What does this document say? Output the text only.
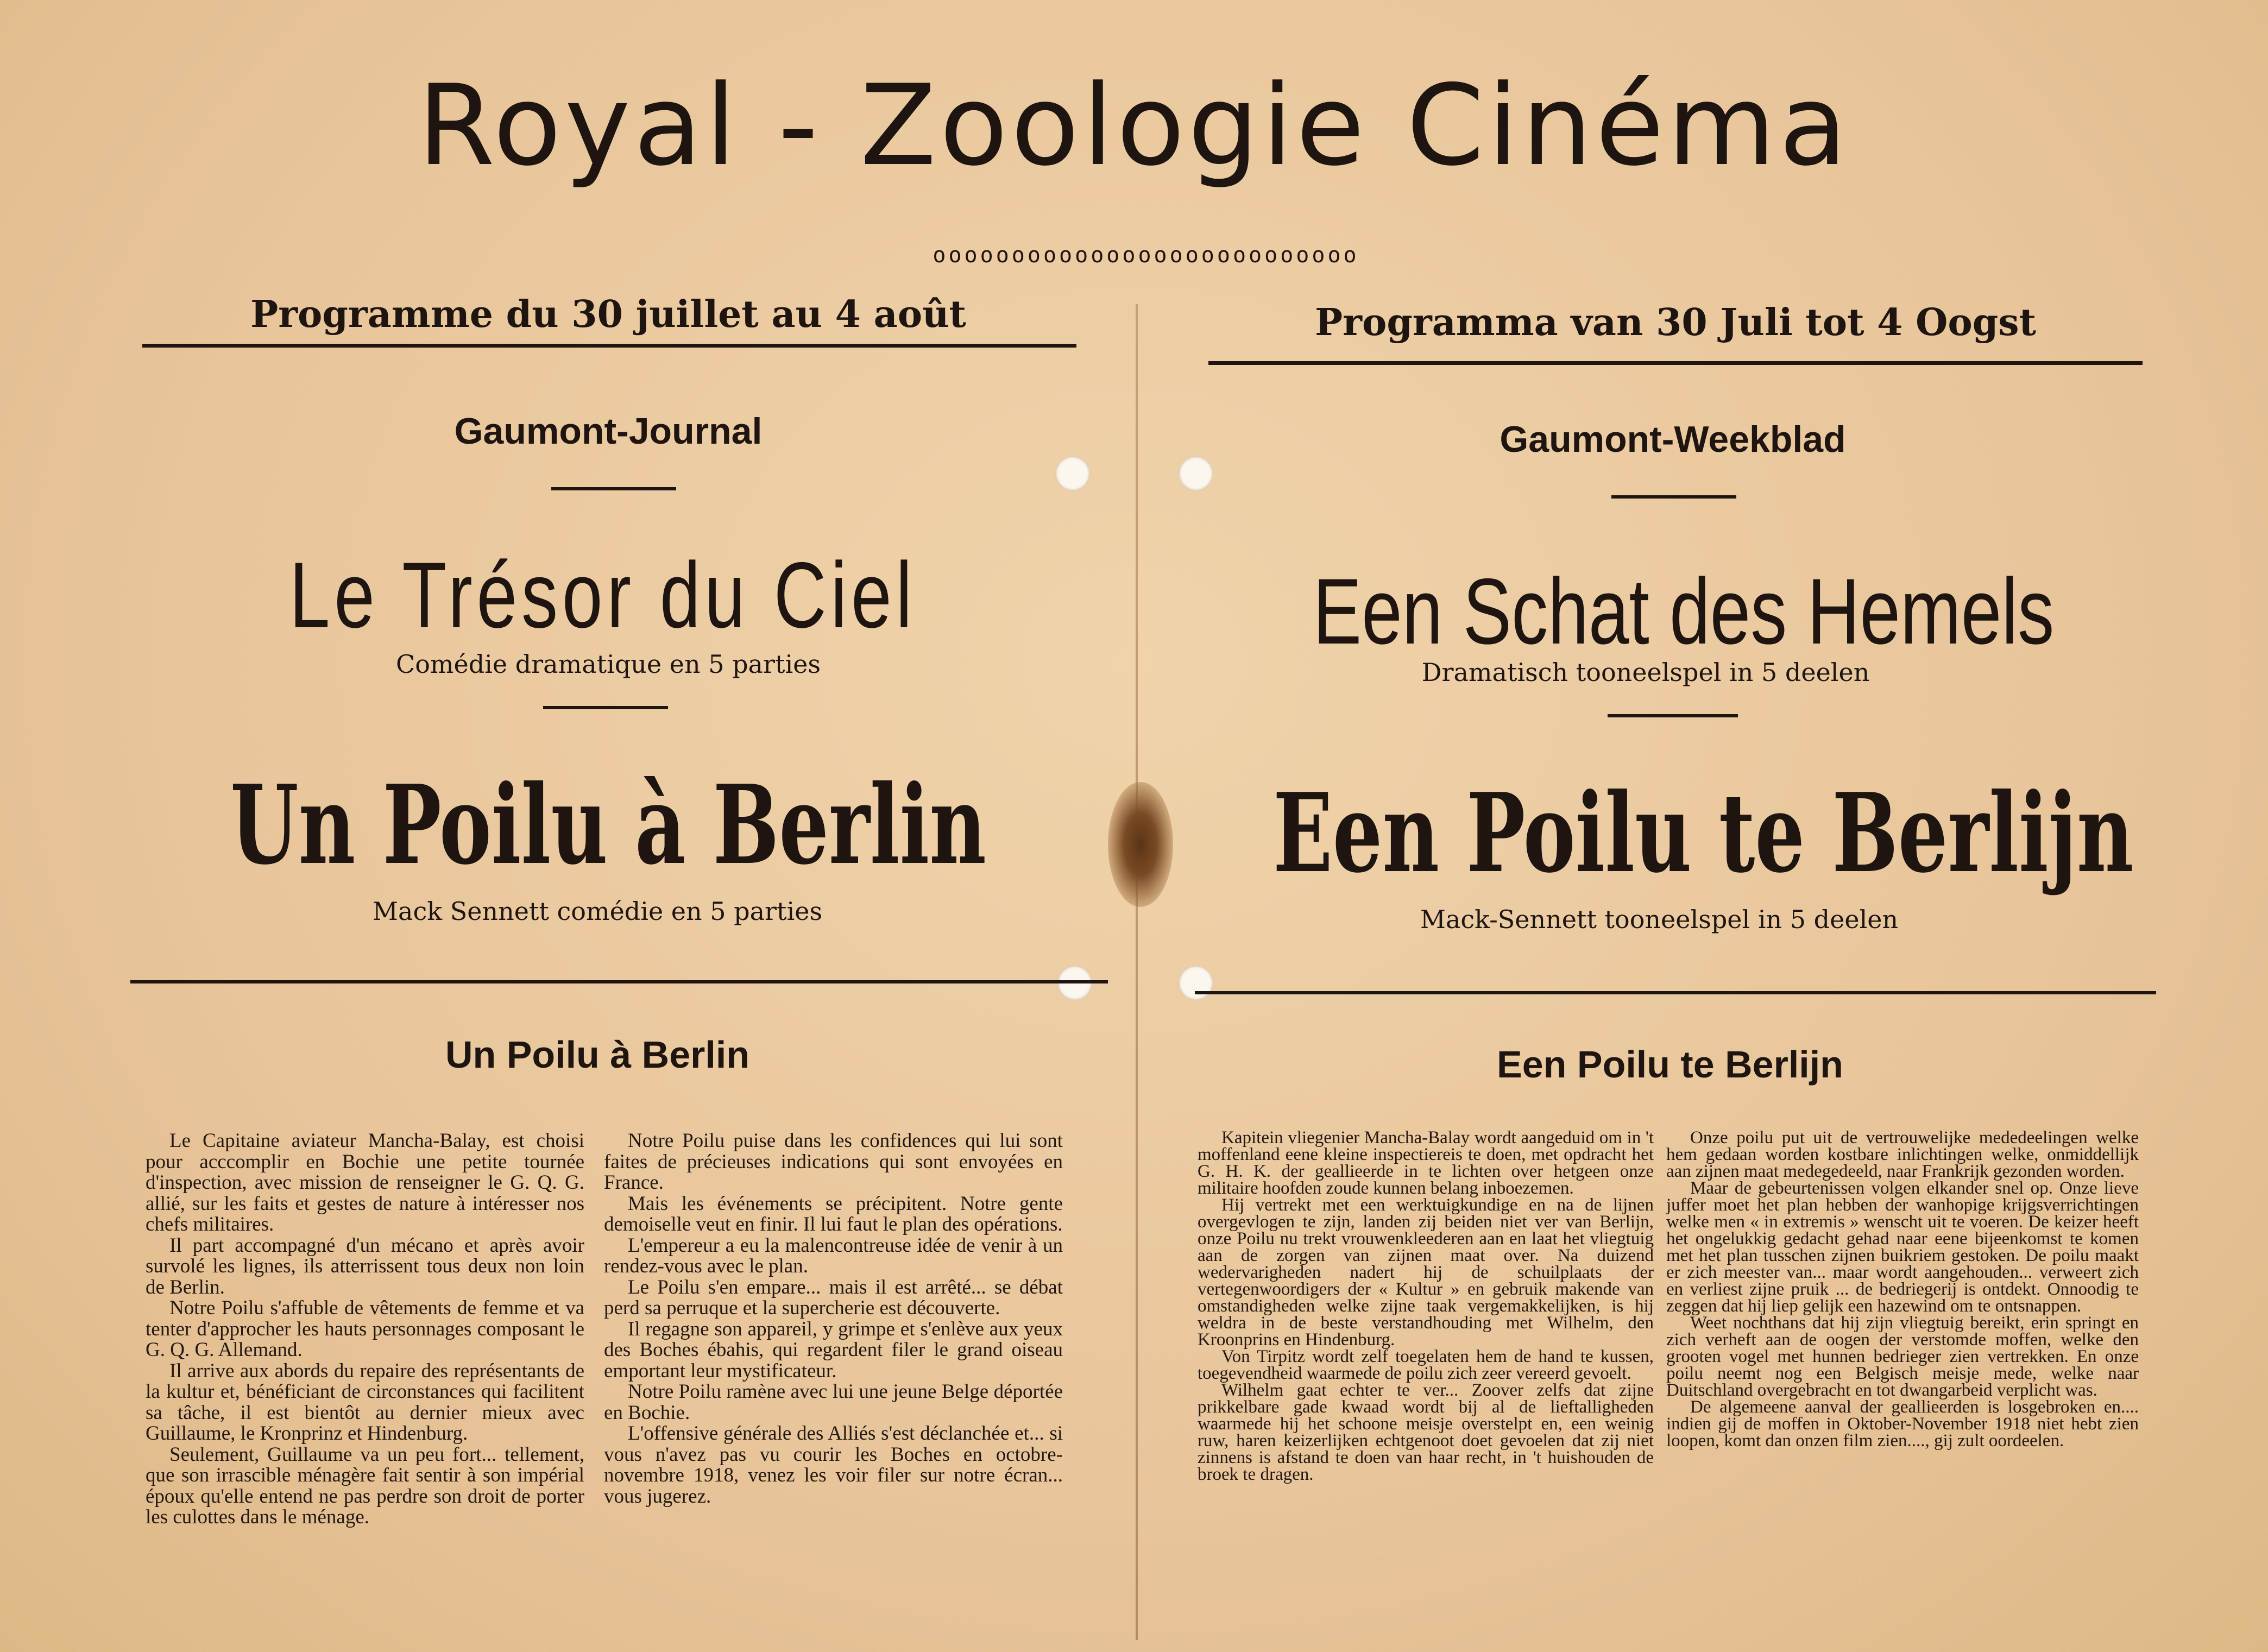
Royal - Zoologie Cinéma
ooooooooooooooooooooooooooo
Programme du 30 juillet au 4 août	Programma van 30 Juli tot 4 Oogst
Gaumont-Journal	Gaumont-Weekblad
Le Trésor du Ciel
Comédie dramatique en 5 parties
Een Schat des Hemels
Dramatisch tooneelspel in 5 deelen
Un Poilu à Berlin
Mack Sennett comédie en 5 parties
Een Poilu te Berlijn
Mack-Sennett tooneelspel in 5 deelen
Un Poilu à Berlin	Een Poilu te Berlijn

Le Capitaine aviateur Mancha-Balay, est choisi pour acccomplir en Bochie une petite tournée d'inspection, avec mission de renseigner le G. Q. G. allié, sur les faits et gestes de nature à intéresser nos chefs militaires.

Il part accompagné d'un mécano et après avoir survolé les lignes, ils atterrissent tous deux non loin de Berlin.

Notre Poilu s'affuble de vêtements de femme et va tenter d'approcher les hauts personnages composant le G. Q. G. Allemand.

Il arrive aux abords du repaire des représentants de la kultur et, bénéficiant de circonstances qui facilitent sa tâche, il est bientôt au dernier mieux avec Guillaume, le Kronprinz et Hindenburg.

Seulement, Guillaume va un peu fort... tellement, que son irrascible ménagère fait sentir à son impérial époux qu'elle entend ne pas perdre son droit de porter les culottes dans le ménage.

Notre Poilu puise dans les confidences qui lui sont faites de précieuses indications qui sont envoyées en France.

Mais les événements se précipitent. Notre gente demoiselle veut en finir. Il lui faut le plan des opérations.

L'empereur a eu la malencontreuse idée de venir à un rendez-vous avec le plan.

Le Poilu s'en empare... mais il est arrêté... se débat perd sa perruque et la supercherie est découverte.

Il regagne son appareil, y grimpe et s'enlève aux yeux des Boches ébahis, qui regardent filer le grand oiseau emportant leur mystificateur.

Notre Poilu ramène avec lui une jeune Belge déportée en Bochie.

L'offensive générale des Alliés s'est déclanchée et... si vous n'avez pas vu courir les Boches en octobre-novembre 1918, venez les voir filer sur notre écran... vous jugerez.

Kapitein vliegenier Mancha-Balay wordt aangeduid om in 't moffenland eene kleine inspectiereis te doen, met opdracht het G. H. K. der geallieerde in te lichten over hetgeen onze militaire hoofden zoude kunnen belang inboezemen.

Hij vertrekt met een werktuigkundige en na de lijnen overgevlogen te zijn, landen zij beiden niet ver van Berlijn, onze Poilu nu trekt vrouwenkleederen aan en laat het vliegtuig aan de zorgen van zijnen maat over. Na duizend wedervarigheden nadert hij de schuilplaats der vertegenwoordigers der « Kultur » en gebruik makende van omstandigheden welke zijne taak vergemakkelijken, is hij weldra in de beste verstandhouding met Wilhelm, den Kroonprins en Hindenburg.

Von Tirpitz wordt zelf toegelaten hem de hand te kussen, toegevendheid waarmede de poilu zich zeer vereerd gevoelt.

Wilhelm gaat echter te ver... Zoover zelfs dat zijne prikkelbare gade kwaad wordt bij al de lieftalligheden waarmede hij het schoone meisje overstelpt en, een weinig ruw, haren keizerlijken echtgenoot doet gevoelen dat zij niet zinnens is afstand te doen van haar recht, in 't huishouden de broek te dragen.

Onze poilu put uit de vertrouwelijke mededeelingen welke hem gedaan worden kostbare inlichtingen welke, onmiddellijk aan zijnen maat medegedeeld, naar Frankrijk gezonden worden.

Maar de gebeurtenissen volgen elkander snel op. Onze lieve juffer moet het plan hebben der wanhopige krijgsverrichtingen welke men « in extremis » wenscht uit te voeren. De keizer heeft het ongelukkig gedacht gehad naar eene bijeenkomst te komen met het plan tusschen zijnen buikriem gestoken. De poilu maakt er zich meester van... maar wordt aangehouden... verweert zich en verliest zijne pruik ... de bedriegerij is ontdekt. Onnoodig te zeggen dat hij liep gelijk een hazewind om te ontsnappen.

Weet nochthans dat hij zijn vliegtuig bereikt, erin springt en zich verheft aan de oogen der verstomde moffen, welke den grooten vogel met hunnen bedrieger zien vertrekken. En onze poilu neemt nog een Belgisch meisje mede, welke naar Duitschland overgebracht en tot dwangarbeid verplicht was.

De algemeene aanval der geallieerden is losgebroken en.... indien gij de moffen in Oktober-November 1918 niet hebt zien loopen, komt dan onzen film zien...., gij zult oordeelen.
